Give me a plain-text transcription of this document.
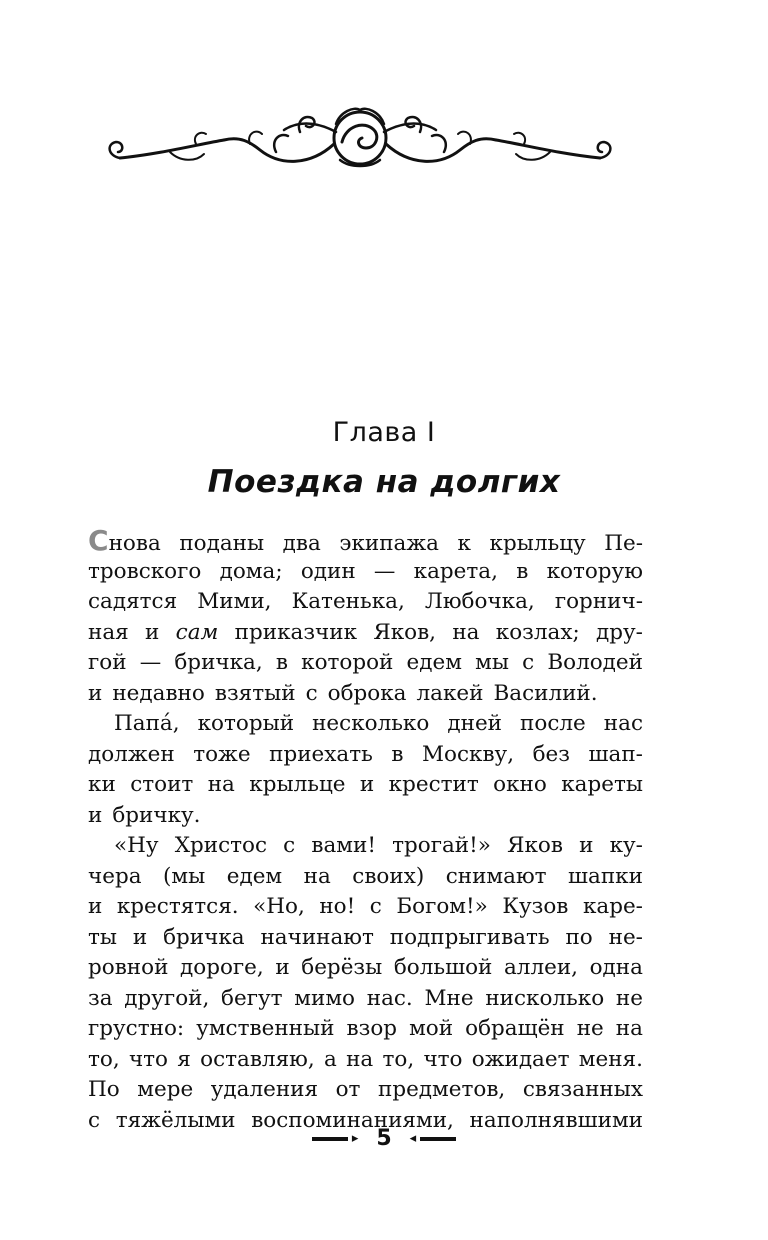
Глава I
Поездка на долгих
Снова поданы два экипажа к крыльцу Пе-
тровского дома; один — карета, в которую
садятся Мими, Катенька, Любочка, горнич-
ная и сам приказчик Яков, на козлах; дру-
гой — бричка, в которой едем мы с Володей
и недавно взятый с оброка лакей Василий.
Папа́, который несколько дней после нас
должен тоже приехать в Москву, без шап-
ки стоит на крыльце и крестит окно кареты
и бричку.
«Ну Христос с вами! трогай!» Яков и ку-
чера (мы едем на своих) снимают шапки
и крестятся. «Но, но! с Богом!» Кузов каре-
ты и бричка начинают подпрыгивать по не-
ровной дороге, и берёзы большой аллеи, одна
за другой, бегут мимо нас. Мне нисколько не
грустно: умственный взор мой обращён не на
то, что я оставляю, а на то, что ожидает меня.
По мере удаления от предметов, связанных
с тяжёлыми воспоминаниями, наполнявшими
▸ 5 ◂
